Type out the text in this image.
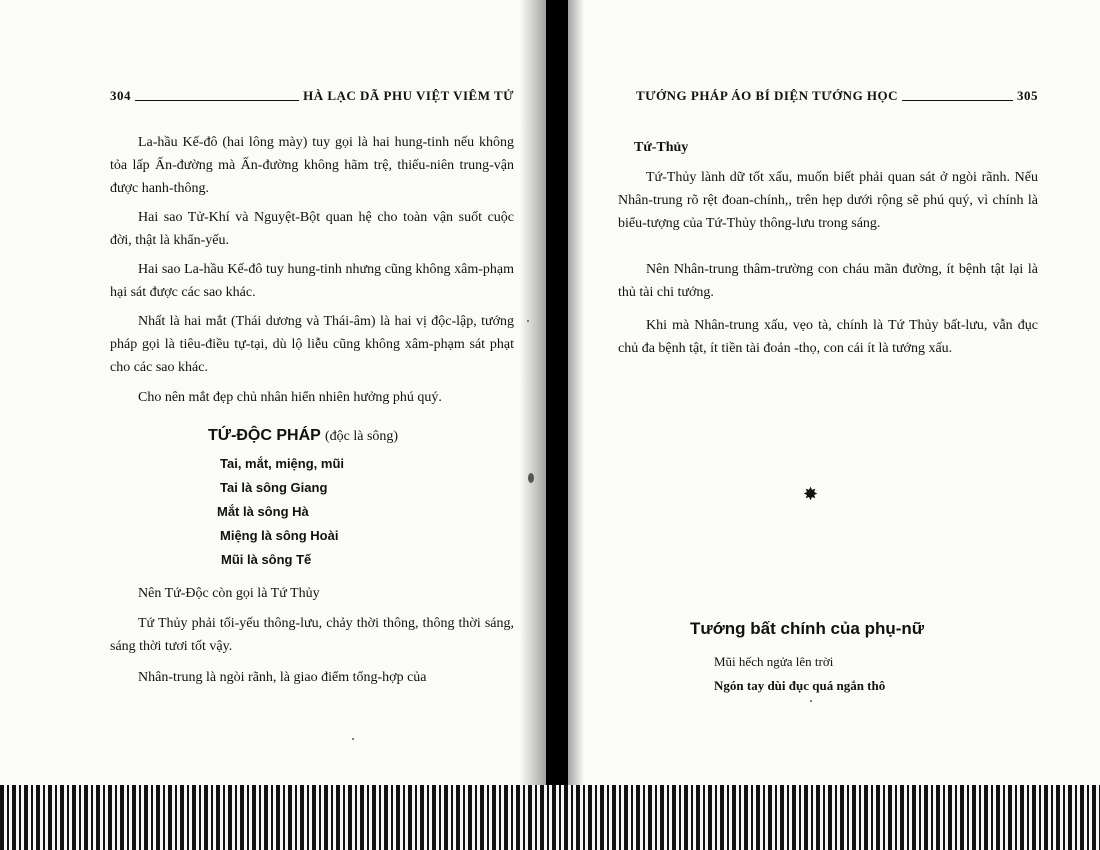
304	HÀ LẠC DÃ PHU VIỆT VIÊM TỬ
La-hầu Kế-đô (hai lông mày) tuy gọi là hai hung-tinh nếu không tỏa lấp Ấn-đường mà Ấn-đường không hãm trệ, thiếu-niên trung-vận được hanh-thông.
Hai sao Tử-Khí và Nguyệt-Bột quan hệ cho toàn vận suốt cuộc đời, thật là khẩn-yếu.
Hai sao La-hầu Kế-đô tuy hung-tinh nhưng cũng không xâm-phạm hại sát được các sao khác.
Nhất là hai mắt (Thái dương và Thái-âm) là hai vị độc-lập, tướng pháp gọi là tiêu-điều tự-tại, dù lộ liễu cũng không xâm-phạm sát phạt cho các sao khác.
Cho nên mắt đẹp chủ nhân hiển nhiên hưởng phú quý.
TỨ-ĐỘC PHÁP (độc là sông)
Tai, mắt, miệng, mũi
Tai là sông Giang
Mắt là sông Hà
Miệng là sông Hoài
Mũi là sông Tế
Nên Tứ-Độc còn gọi là Tứ Thủy
Tứ Thủy phải tối-yếu thông-lưu, chảy thời thông, thông thời sáng, sáng thời tươi tốt vậy.
Nhân-trung là ngòi rãnh, là giao điểm tổng-hợp của
TƯỚNG PHÁP ÁO BÍ DIỆN TƯỚNG HỌC	305
Tứ-Thủy
Tứ-Thủy lành dữ tốt xấu, muốn biết phải quan sát ở ngòi rãnh. Nếu Nhân-trung rõ rệt đoan-chính,, trên hẹp dưới rộng sẽ phú quý, vì chính là biểu-tượng của Tứ-Thủy thông-lưu trong sáng.
Nên Nhân-trung thâm-trường con cháu mãn đường, ít bệnh tật lại là thủ tài chi tướng.
Khi mà Nhân-trung xấu, vẹo tà, chính là Tứ Thủy bất-lưu, vẫn đục chủ đa bệnh tật, ít tiền tài đoản -thọ, con cái ít là tướng xấu.
✸
Tướng bất chính của phụ-nữ
Mũi hếch ngửa lên trời
Ngón tay dùi đục quá ngắn thô
